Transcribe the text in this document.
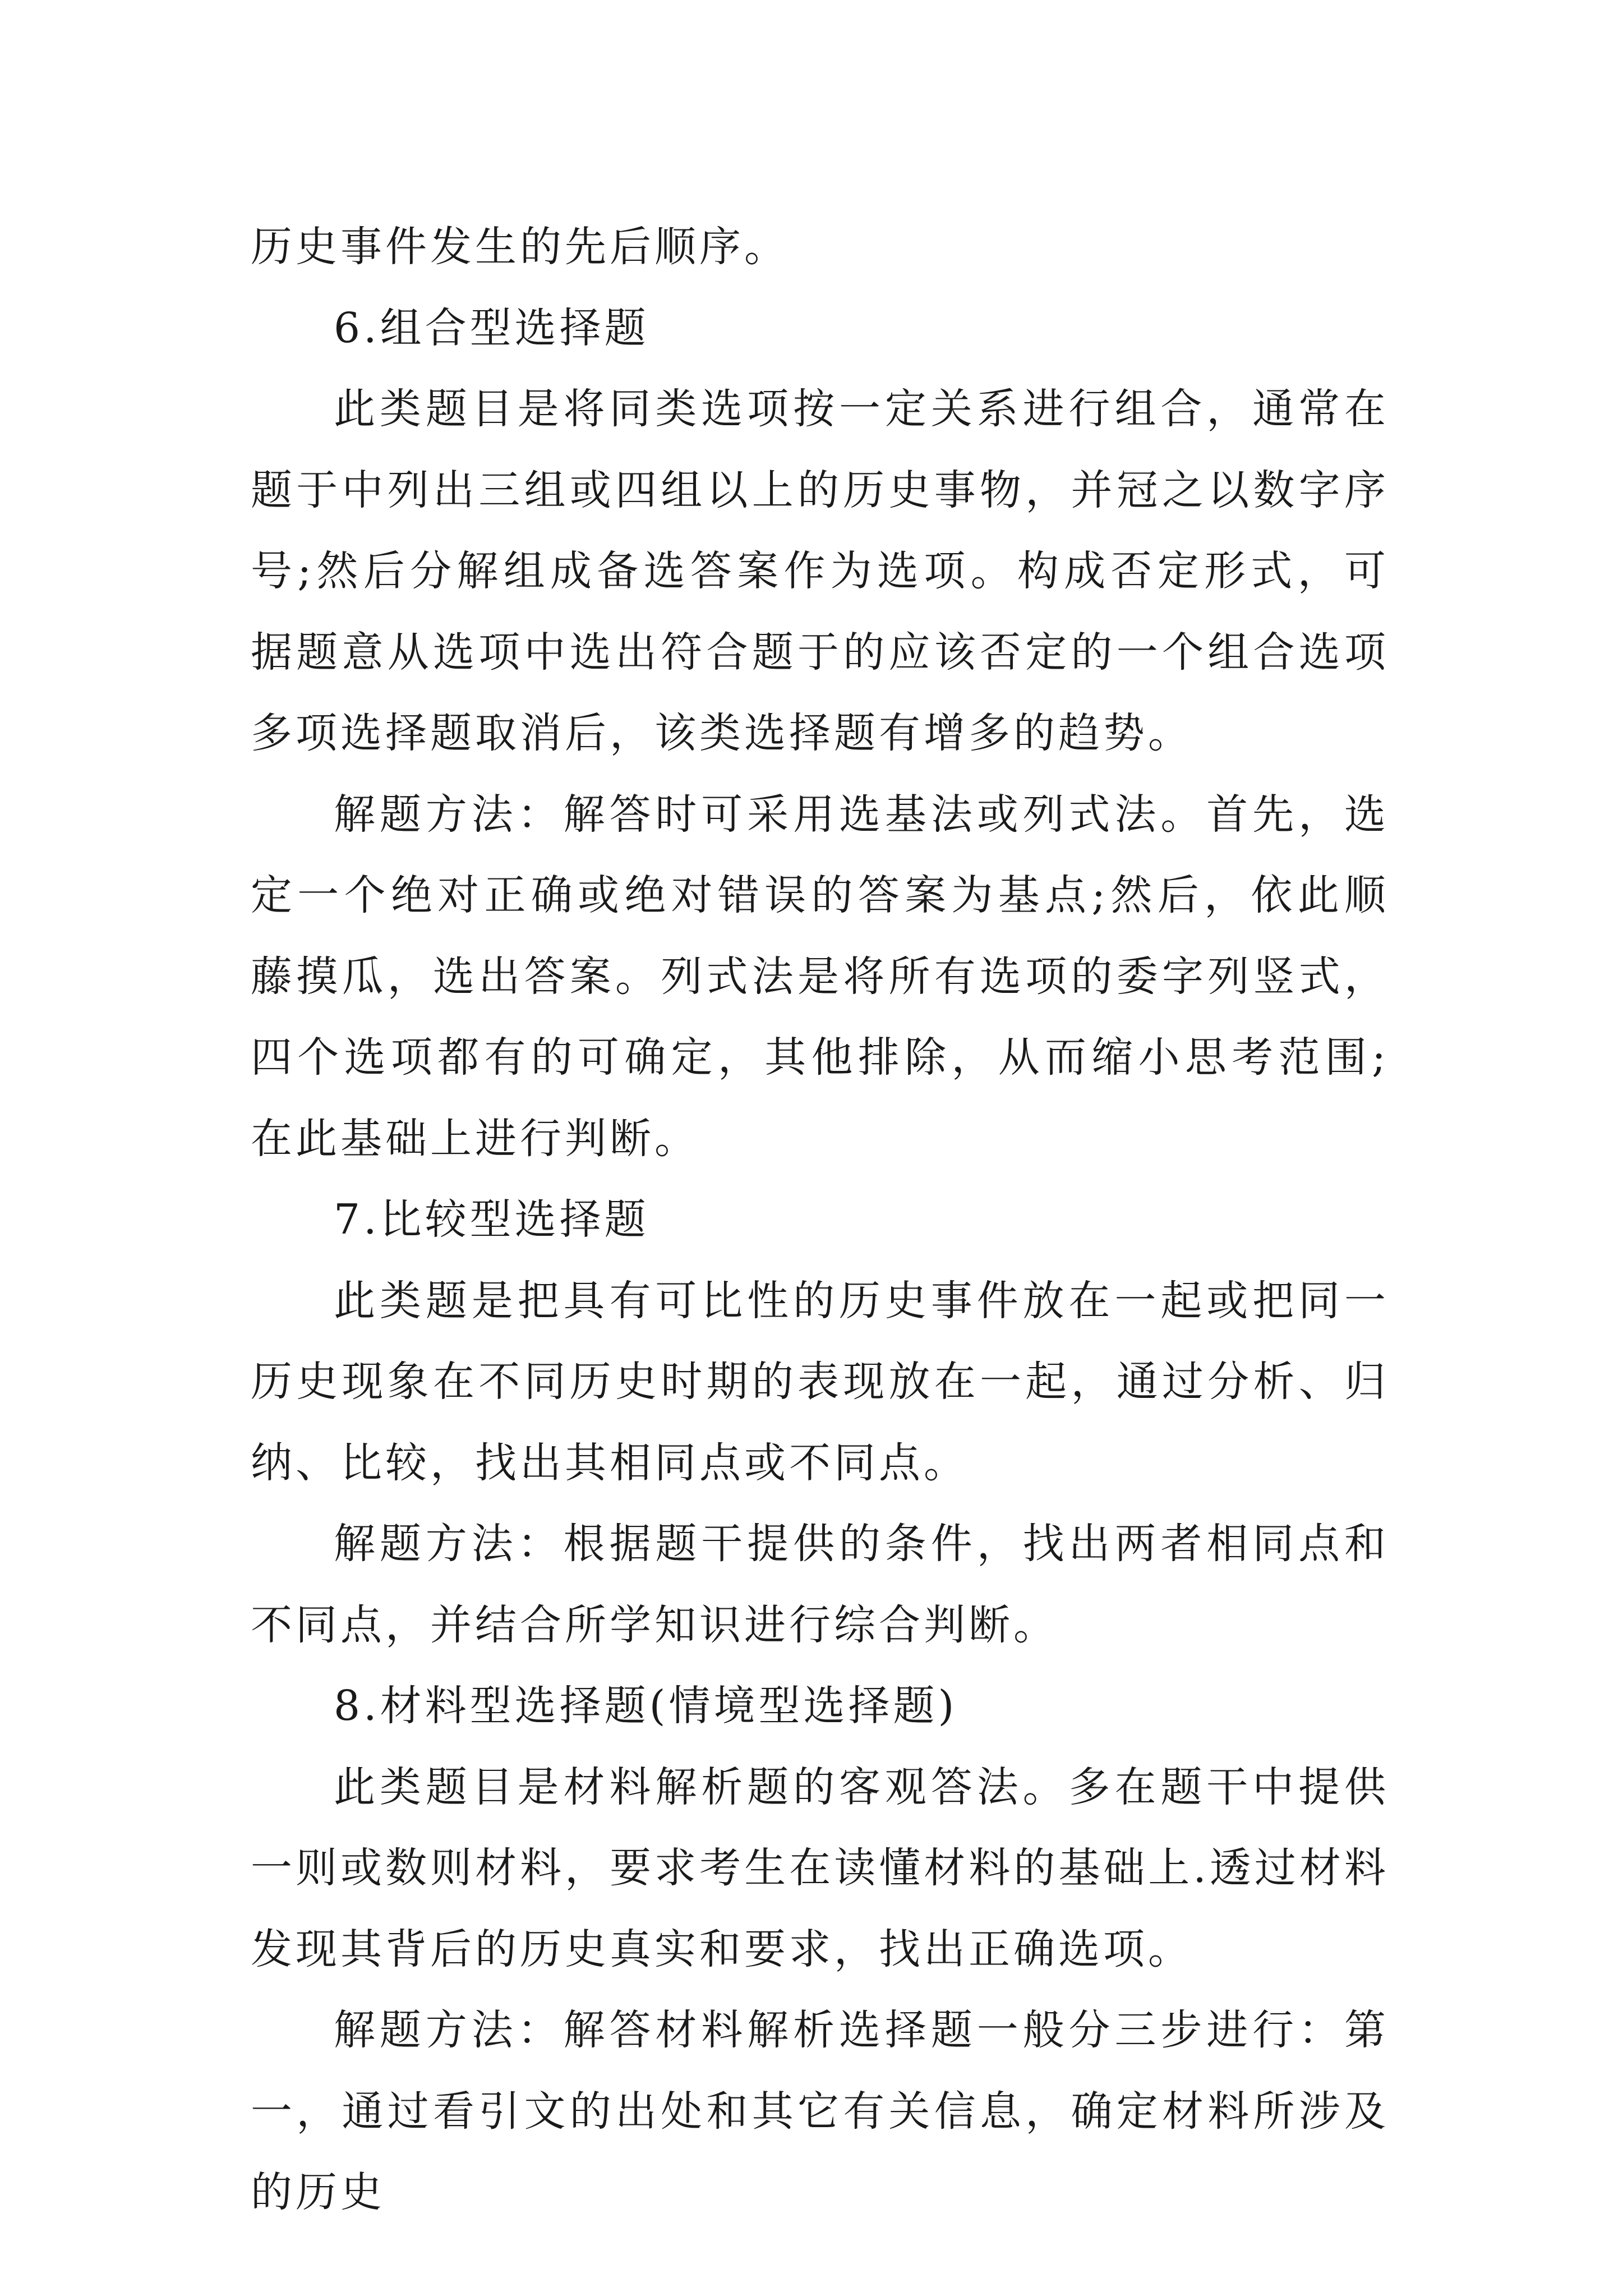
历史事件发生的先后顺序。

6.组合型选择题

此类题目是将同类选项按一定关系进行组合，通常在题于中列出三组或四组以上的历史事物，并冠之以数字序号;然后分解组成备选答案作为选项。构成否定形式，可据题意从选项中选出符合题于的应该否定的一个组合选项多项选择题取消后，该类选择题有增多的趋势。

解题方法：解答时可采用选基法或列式法。首先，选定一个绝对正确或绝对错误的答案为基点;然后，依此顺藤摸瓜，选出答案。列式法是将所有选项的委字列竖式，四个选项都有的可确定，其他排除，从而缩小思考范围;在此基础上进行判断。

7.比较型选择题

此类题是把具有可比性的历史事件放在一起或把同一历史现象在不同历史时期的表现放在一起，通过分析、归纳、比较，找出其相同点或不同点。

解题方法：根据题干提供的条件，找出两者相同点和不同点，并结合所学知识进行综合判断。

8.材料型选择题(情境型选择题)

此类题目是材料解析题的客观答法。多在题干中提供一则或数则材料，要求考生在读懂材料的基础上.透过材料发现其背后的历史真实和要求，找出正确选项。

解题方法：解答材料解析选择题一般分三步进行：第一，通过看引文的出处和其它有关信息，确定材料所涉及的历史
